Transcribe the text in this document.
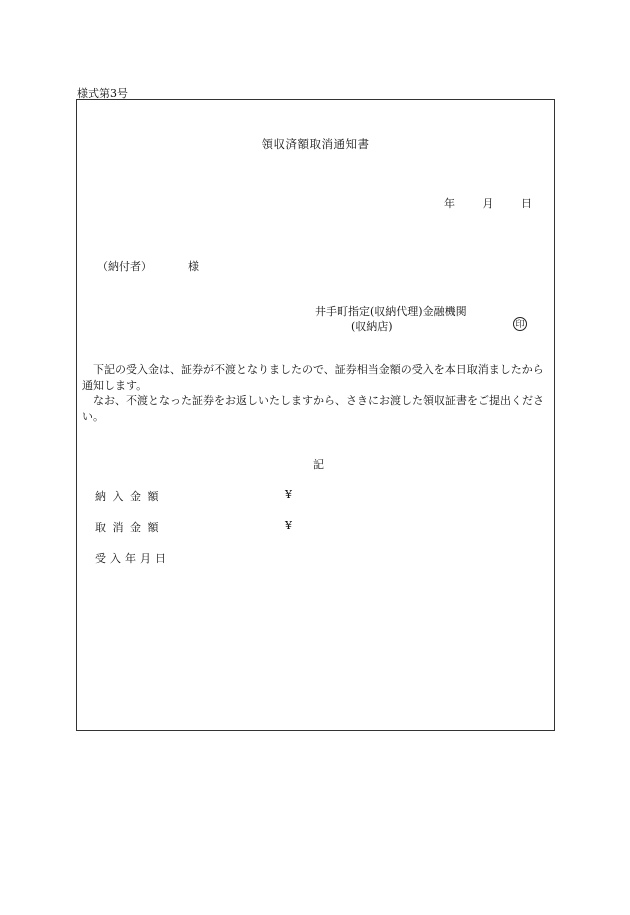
様式第3号
領収済額取消通知書
年	月	日
（納付者）	様
井手町指定(収納代理)金融機関
(収納店)	印

下記の受入金は、証券が不渡となりましたので、証券相当金額の受入を本日取消ましたから通知します。

なお、不渡となった証券をお返しいたしますから、さきにお渡した領収証書をご提出ください。

記
納入金額	¥
取消金額	¥
受入年月日
